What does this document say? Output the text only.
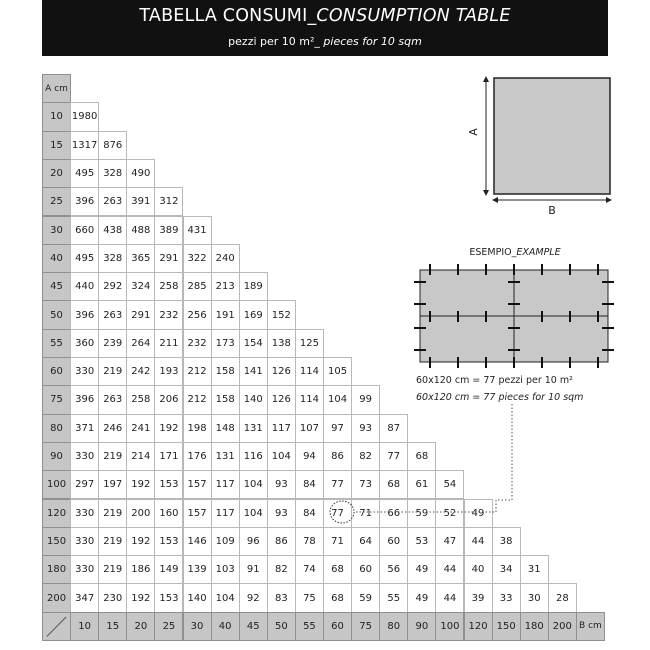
TABELLA CONSUMI_CONSUMPTION TABLE
pezzi per 10 m²_ pieces for 10 sqm
A cm
10 1980
15 1317 876
20	495 328 490
25	396 263 391 312
30	660 438 488 389 431
40	495 328 365 291 322 240
45	440 292 324 258 285 213 189
50	396 263 291 232 256 191 169 152
55	360 239 264 211 232 173 154 138 125
60	330 219 242 193 212 158 141 126 114 105
75	396 263 258 206 212 158 140 126 114 104	99
80	371 246 241 192 198 148 131 117 107	97	93	87
90	330 219 214 171 176 131 116 104	94	86	82	77	68
100 297 197 192 153 157 117 104	93	84	77	73	68	61	54
120 330 219 200 160 157 117 104	93	84	77	71	66	59	52	49
150 330 219 192 153 146 109	96	86	78	71	64	60	53	47	44	38
180 330 219 186 149 139 103	91	82	74	68	60	56	49	44	40	34	31
200 347 230 192 153 140 104	92	83	75	68	59	55	49	44	39	33	30	28
10	15	20	25	30	40	45	50	55	60	75	80	90	100 120 150 180 200 B cm
A
B
ESEMPIO_EXAMPLE
60x120 cm = 77 pezzi per 10 m²
60x120 cm = 77 pieces for 10 sqm
